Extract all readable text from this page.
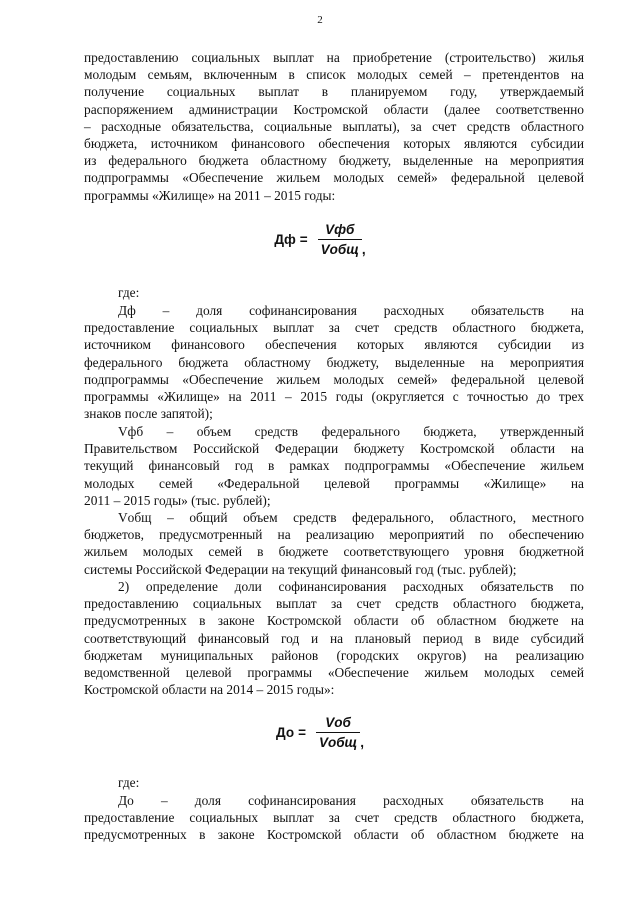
2
предоставлению социальных выплат на приобретение (строительство) жилья
молодым семьям, включенным в список молодых семей – претендентов на
получение социальных выплат в планируемом году, утверждаемый
распоряжением администрации Костромской области (далее соответственно
– расходные обязательства, социальные выплаты), за счет средств областного
бюджета, источником финансового обеспечения которых являются субсидии
из федерального бюджета областному бюджету, выделенные на мероприятия
подпрограммы «Обеспечение жильем молодых семей» федеральной целевой
программы «Жилище» на 2011 – 2015 годы:
Дф = $\frac{\text{Vфб}}{\text{Vобщ}}$ ,
где:
Дф – доля софинансирования расходных обязательств на
предоставление социальных выплат за счет средств областного бюджета,
источником финансового обеспечения которых являются субсидии из
федерального бюджета областному бюджету, выделенные на мероприятия
подпрограммы «Обеспечение жильем молодых семей» федеральной целевой
программы «Жилище» на 2011 – 2015 годы (округляется с точностью до трех
знаков после запятой);
Vфб – объем средств федерального бюджета, утвержденный
Правительством Российской Федерации бюджету Костромской области на
текущий финансовый год в рамках подпрограммы «Обеспечение жильем
молодых семей «Федеральной целевой программы «Жилище» на
2011 – 2015 годы» (тыс. рублей);
Vобщ – общий объем средств федерального, областного, местного
бюджетов, предусмотренный на реализацию мероприятий по обеспечению
жильем молодых семей в бюджете соответствующего уровня бюджетной
системы Российской Федерации на текущий финансовый год (тыс. рублей);
2) определение доли софинансирования расходных обязательств по
предоставлению социальных выплат за счет средств областного бюджета,
предусмотренных в законе Костромской области об областном бюджете на
соответствующий финансовый год и на плановый период в виде субсидий
бюджетам муниципальных районов (городских округов) на реализацию
ведомственной целевой программы «Обеспечение жильем молодых семей
Костромской области на 2014 – 2015 годы»:
До = $\frac{\text{Vоб}}{\text{Vобщ}}$ ,
где:
До – доля софинансирования расходных обязательств на
предоставление социальных выплат за счет средств областного бюджета,
предусмотренных в законе Костромской области об областном бюджете на
